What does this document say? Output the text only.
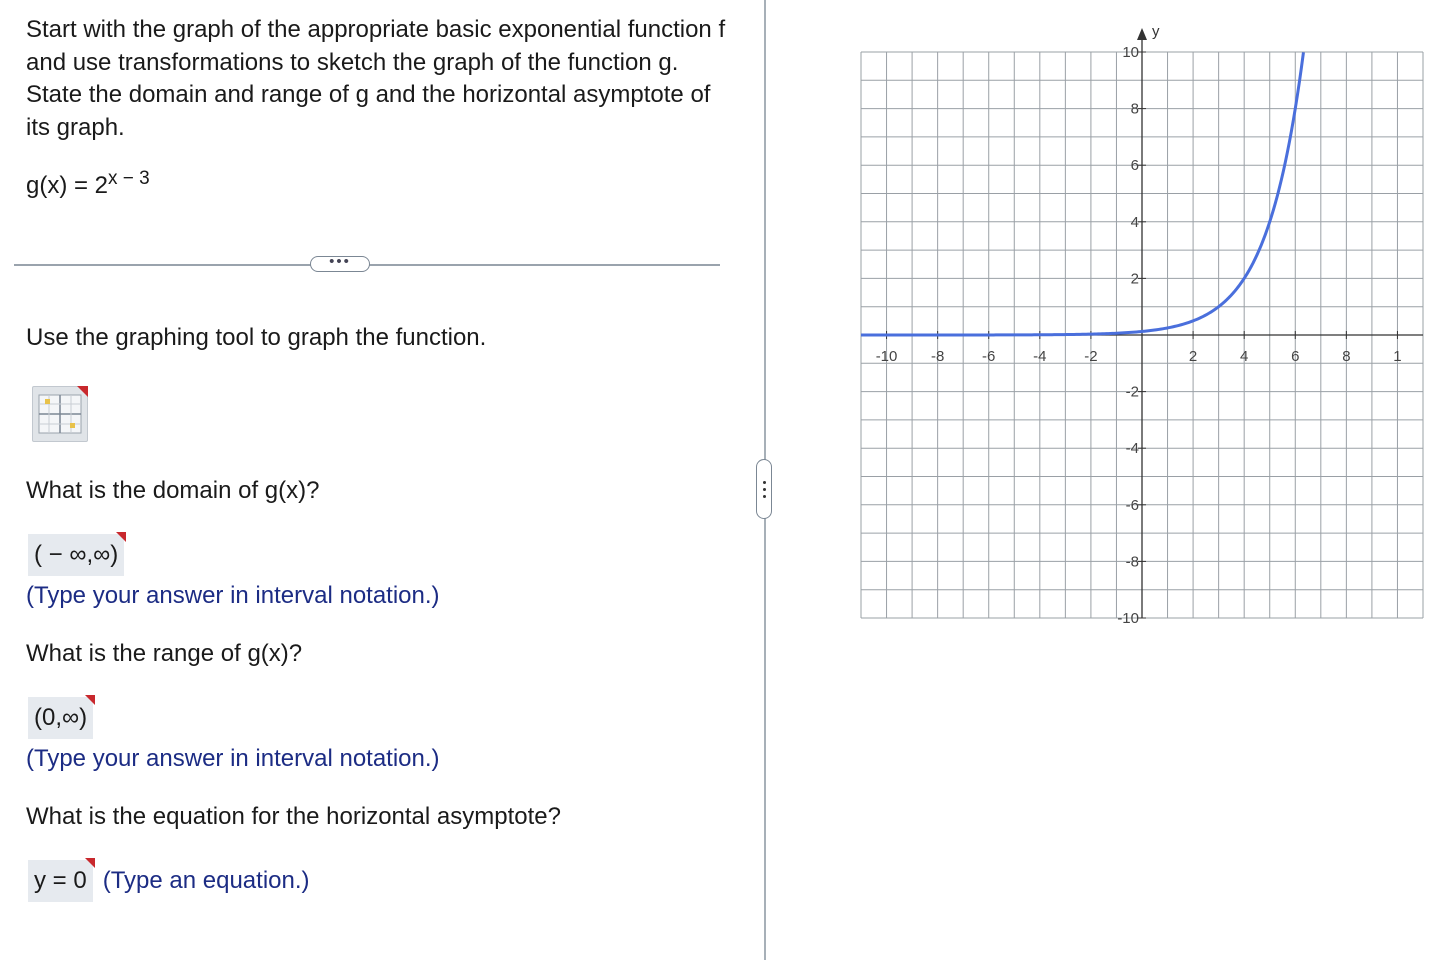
Start with the graph of the appropriate basic exponential function f and use transformations to sketch the graph of the function g. State the domain and range of g and the horizontal asymptote of its graph.
$g(x) = 2^{x - 3}$
•••
Use the graphing tool to graph the function.
What is the domain of g(x)?
( − ∞,∞)
(Type your answer in interval notation.)
What is the range of g(x)?
(0,∞)
(Type your answer in interval notation.)
What is the equation for the horizontal asymptote?
y = 0 (Type an equation.)
y
-10 -8	-6	-4	-2	2	4	6	8	1
10
8
6
4
2
-2
-4
-6
-8
-10
